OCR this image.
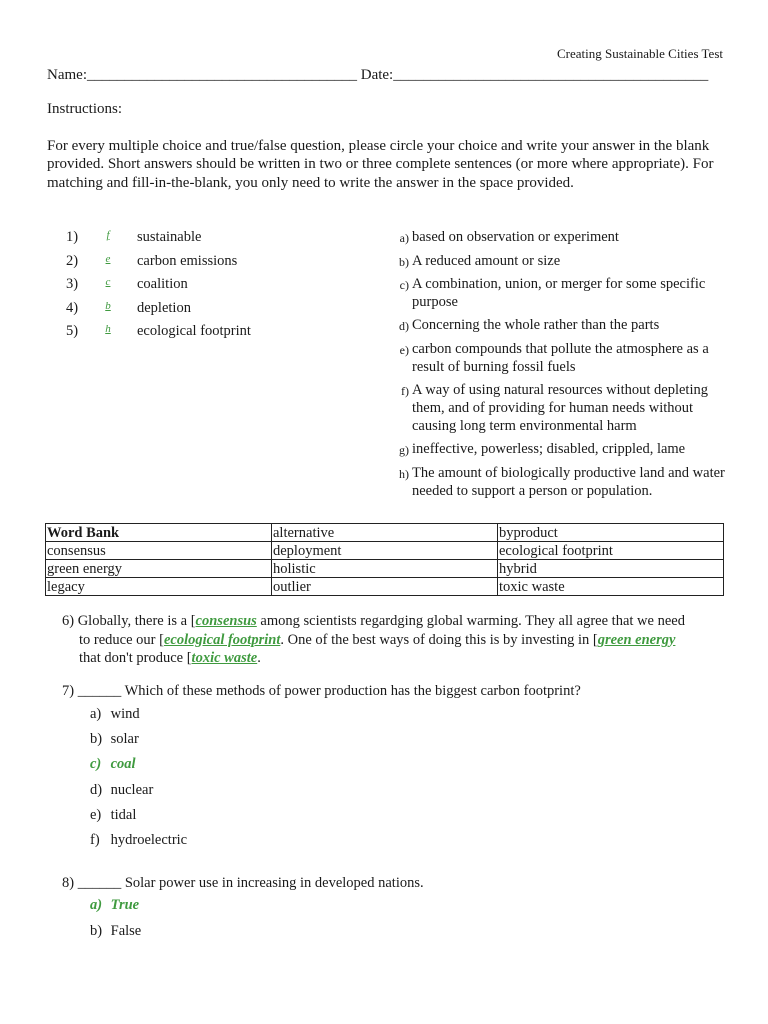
Creating Sustainable Cities Test
Name:____________________________________ Date:__________________________________________
Instructions:
For every multiple choice and true/false question, please circle your choice and write your answer in the blank provided. Short answers should be written in two or three complete sentences (or more where appropriate). For matching and fill-in-the-blank, you only need to write the answer in the space provided.
1)	f	sustainable
2)	e	carbon emissions
3)	c	coalition
4)	b	depletion
5)	h	ecological footprint
a) based on observation or experiment
b) A reduced amount or size
c) A combination, union, or merger for some specific purpose
d) Concerning the whole rather than the parts
e) carbon compounds that pollute the atmosphere as a result of burning fossil fuels
f) A way of using natural resources without depleting them, and of providing for human needs without causing long term environmental harm
g) ineffective, powerless; disabled, crippled, lame
h) The amount of biologically productive land and water needed to support a person or population.
Word Bank	alternative	byproduct
consensus	deployment	ecological footprint
green energy	holistic	hybrid
legacy	outlier	toxic waste
6) Globally, there is a [consensus among scientists regardging global warming. They all agree that we need
to reduce our [ecological footprint. One of the best ways of doing this is by investing in [green energy
that don't produce [toxic waste.
7) ______ Which of these methods of power production has the biggest carbon footprint?
a) wind
b) solar
c) coal
d) nuclear
e) tidal
f) hydroelectric
8) ______ Solar power use in increasing in developed nations.
a) True
b) False
